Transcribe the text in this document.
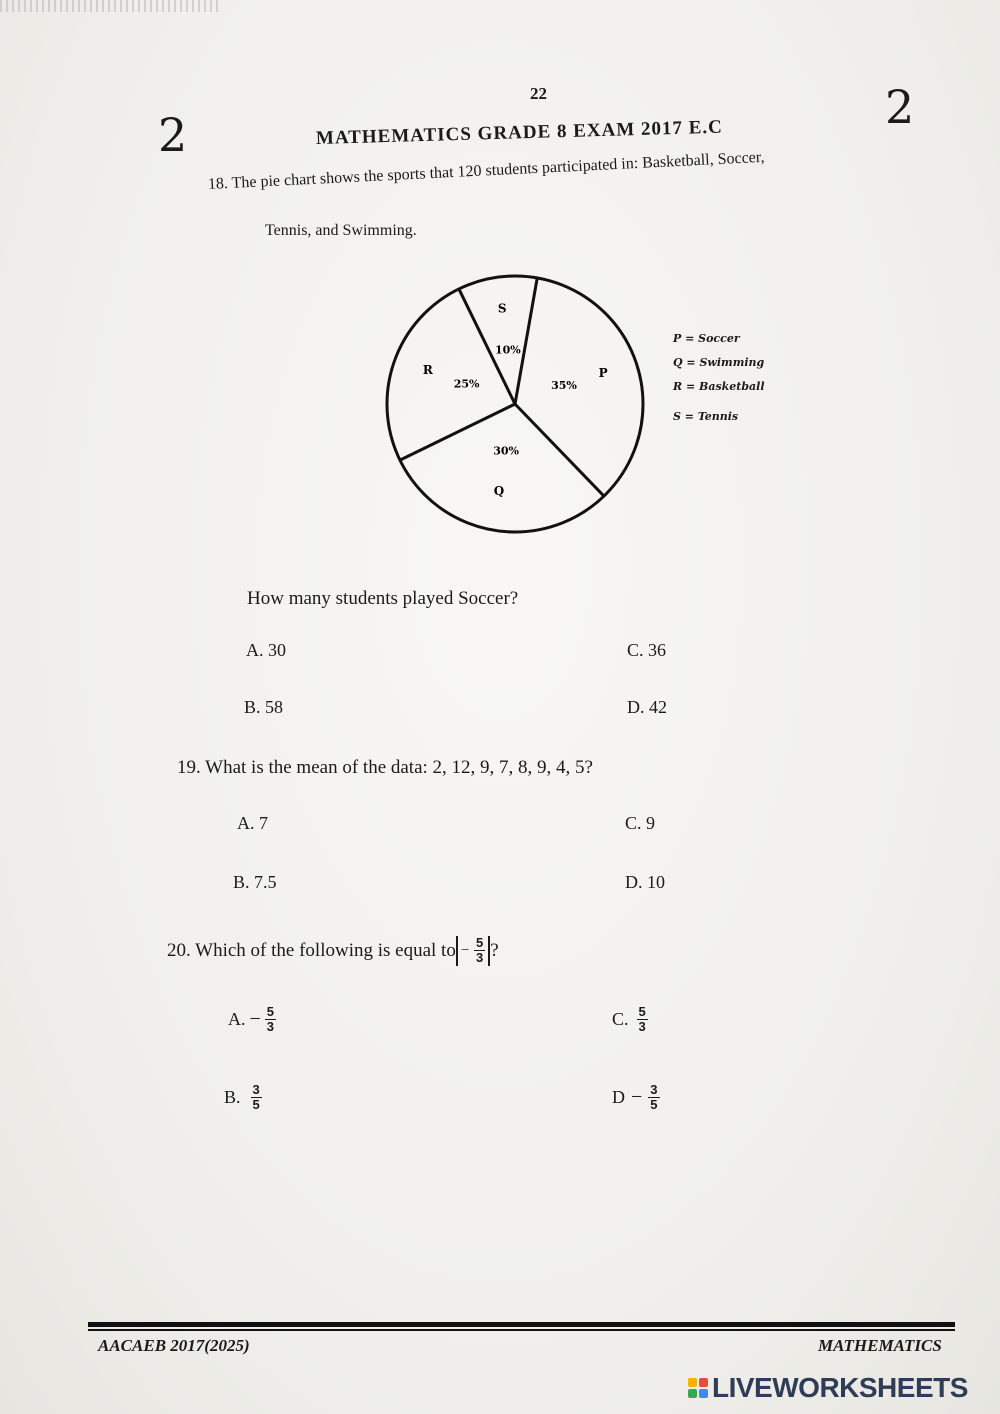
22
2
2
MATHEMATICS GRADE 8 EXAM 2017 E.C
18. The pie chart shows the sports that 120 students participated in: Basketball, Soccer,
Tennis, and Swimming.
P
35%
Q
30%
R
25%
S
10%
P = Soccer
Q = Swimming
R = Basketball
S = Tennis
How many students played Soccer?
A. 30	C. 36
B. 58	D. 42
19. What is the mean of the data: 2, 12, 9, 7, 8, 9, 4, 5?
A. 7	C. 9
B. 7.5	D. 10
20. Which of the following is equal to − $\frac{5}{3}$ ?
A. − $\frac{5}{3}$	C. $\frac{5}{3}$
B. $\frac{3}{5}$	$D - \frac{3}{5}$
AACAEB 2017(2025)	MATHEMATICS
LIVEWORKSHEETS
